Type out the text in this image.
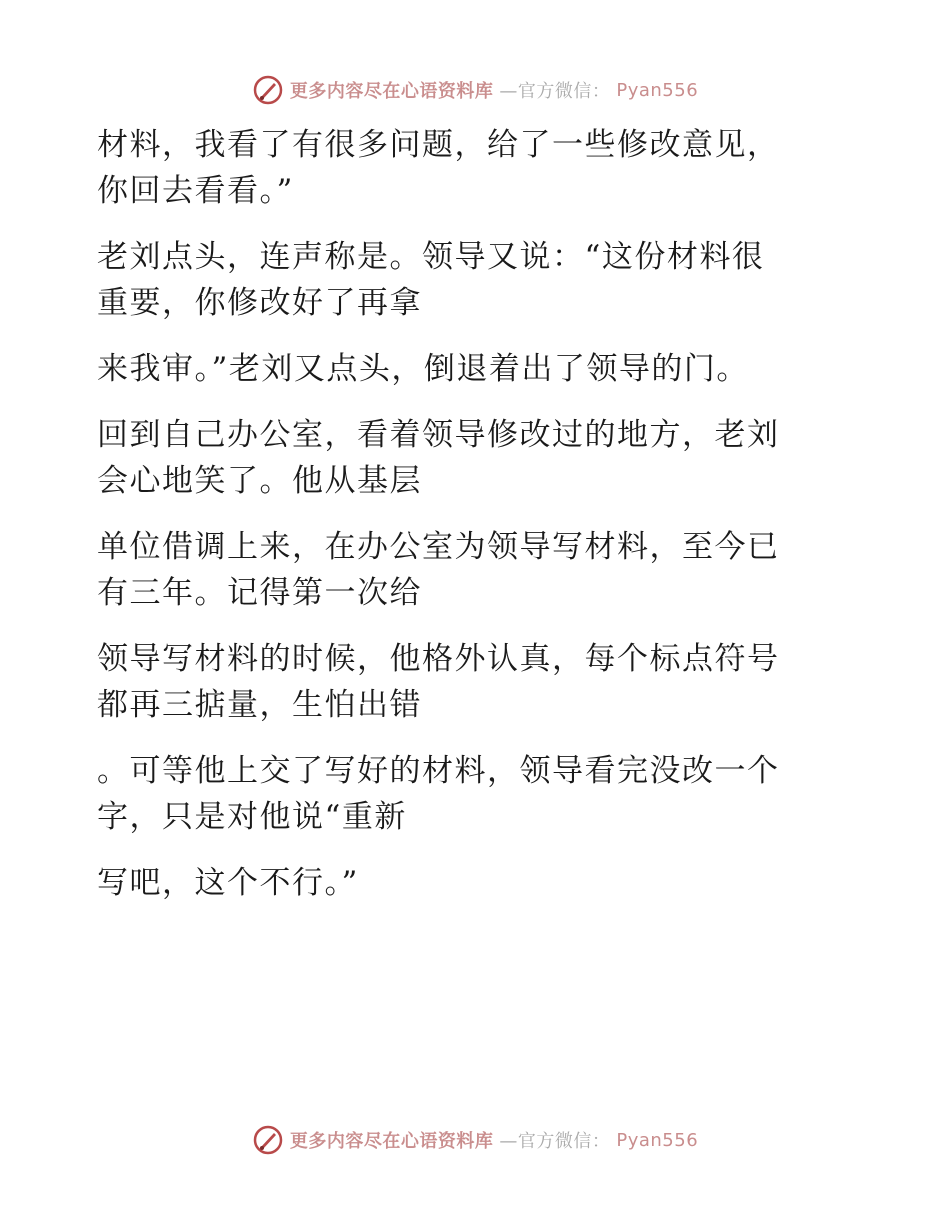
更多内容尽在心语资料库 —官方微信： Pyan556

材料，我看了有很多问题，给了一些修改意见，
你回去看看。”

老刘点头，连声称是。领导又说：“这份材料很
重要，你修改好了再拿

来我审。”老刘又点头，倒退着出了领导的门。

回到自己办公室，看着领导修改过的地方，老刘
会心地笑了。他从基层

单位借调上来，在办公室为领导写材料，至今已
有三年。记得第一次给

领导写材料的时候，他格外认真，每个标点符号
都再三掂量，生怕出错

。可等他上交了写好的材料，领导看完没改一个
字，只是对他说“重新

写吧，这个不行。”

更多内容尽在心语资料库 —官方微信： Pyan556
